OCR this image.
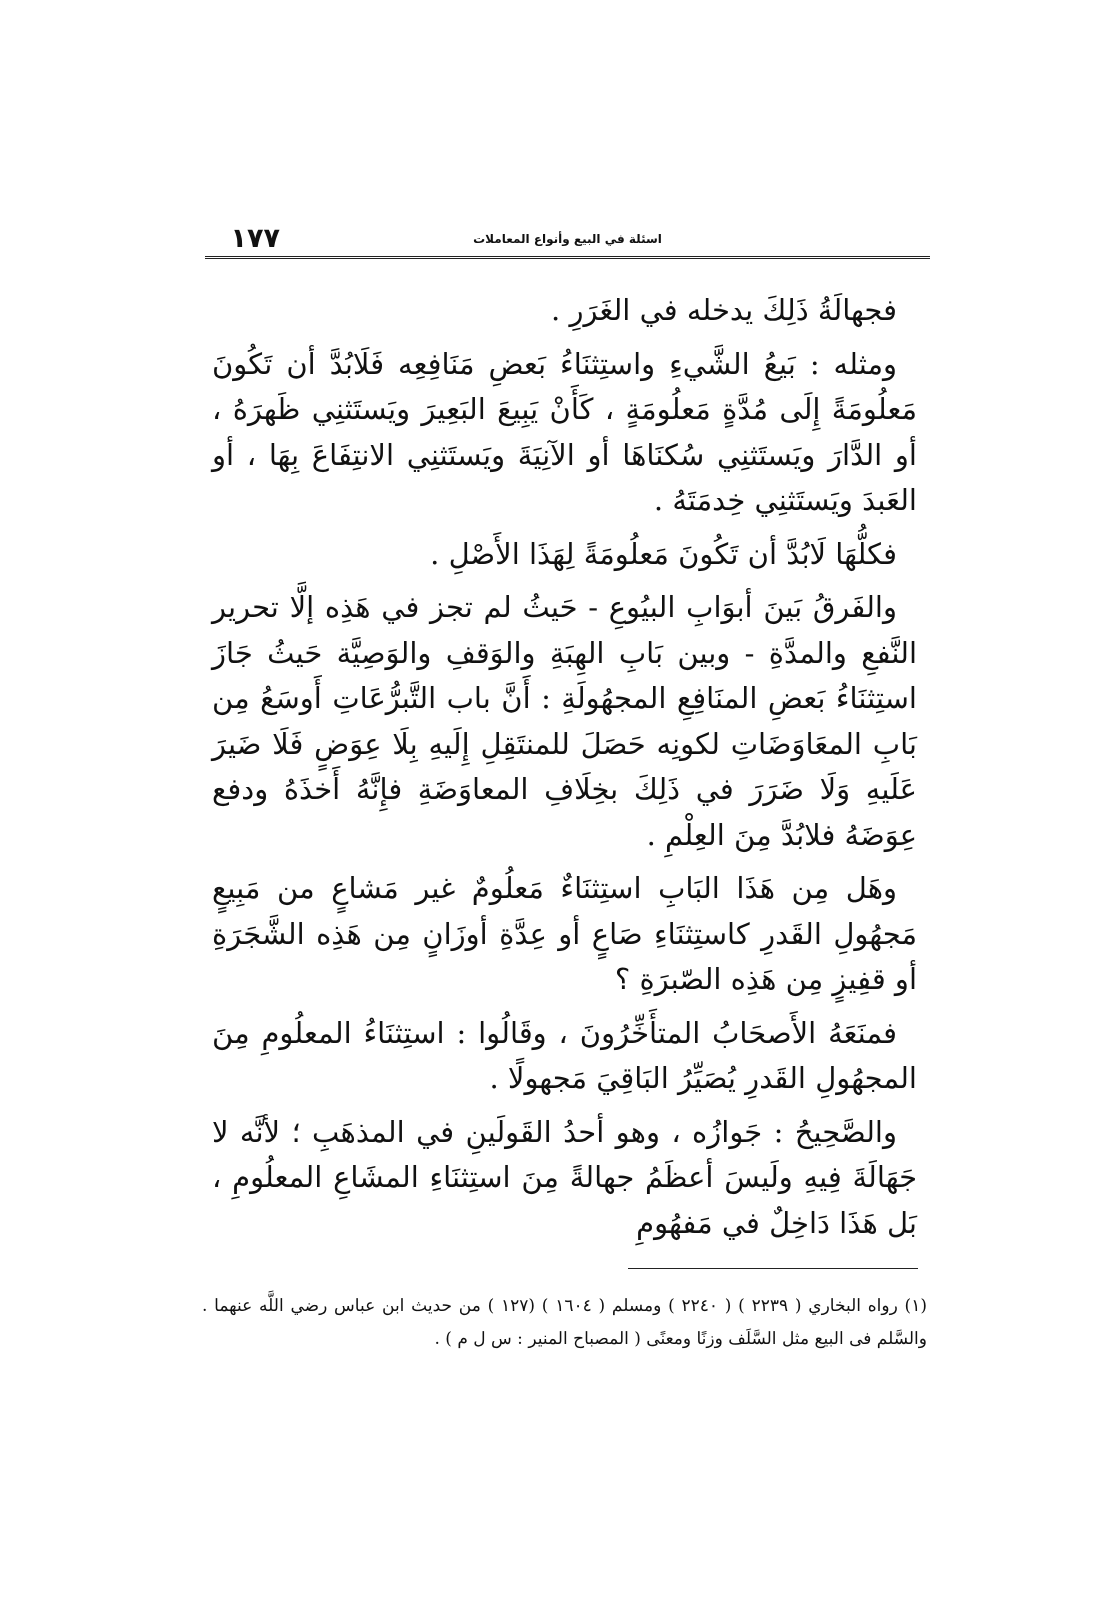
١٧٧	اسئلة في البيع وأنواع المعاملات

فجهالَةُ ذَلِكَ يدخله في الغَرَرِ .

ومثله : بَيعُ الشَّيءِ واستِثنَاءُ بَعضِ مَنَافِعِه فَلَابُدَّ أن تَكُونَ مَعلُومَةً إِلَى مُدَّةٍ مَعلُومَةٍ ، كَأَنْ يَبِيعَ البَعِيرَ ويَستَثنِي ظَهرَهُ ، أو الدَّارَ ويَستَثنِي سُكنَاهَا أو الآنِيَةَ ويَستَثنِي الانتِفَاعَ بِهَا ، أو العَبدَ ويَستَثنِي خِدمَتَهُ .

فكلُّهَا لَابُدَّ أن تَكُونَ مَعلُومَةً لِهَذَا الأَصْلِ .

والفَرقُ بَينَ أبوَابِ البيُوعِ - حَيثُ لم تجز في هَذِه إلَّا تحرير النَّفعِ والمدَّةِ - وبين بَابِ الهِبَةِ والوَقفِ والوَصِيَّة حَيثُ جَازَ استِثنَاءُ بَعضِ المنَافِعِ المجهُولَةِ : أَنَّ باب التَّبرُّعَاتِ أَوسَعُ مِن بَابِ المعَاوَضَاتِ لكونِه حَصَلَ للمنتَقِلِ إِلَيهِ بِلَا عِوَضٍ فَلَا ضَيرَ عَلَيهِ وَلَا ضَرَرَ في ذَلِكَ بخِلَافِ المعاوَضَةِ فإِنَّهُ أَخذَهُ ودفع عِوَضَهُ فلابُدَّ مِنَ العِلْمِ .

وهَل مِن هَذَا البَابِ استِثنَاءٌ مَعلُومٌ غير مَشاعٍ من مَبِيعٍ مَجهُولِ القَدرِ كاستِثنَاءِ صَاعٍ أو عِدَّةِ أوزَانٍ مِن هَذِه الشَّجَرَةِ أو قفِيزٍ مِن هَذِه الصّبرَةِ ؟

فمنَعَهُ الأَصحَابُ المتأَخِّرُونَ ، وقَالُوا : استِثنَاءُ المعلُومِ مِنَ المجهُولِ القَدرِ يُصَيِّرُ البَاقِيَ مَجهولًا .

والصَّحِيحُ : جَوازُه ، وهو أحدُ القَولَينِ في المذهَبِ ؛ لأنَّه لا جَهَالَةَ فِيهِ ولَيسَ أعظَمُ جهالةً مِنَ استِثنَاءِ المشَاعِ المعلُومِ ، بَل هَذَا دَاخِلٌ في مَفهُومِ

(١) رواه البخاري ( ٢٢٣٩ ) ( ٢٢٤٠ ) ومسلم ( ١٦٠٤ ) (١٢٧ ) من حديث ابن عباس رضي اللَّه عنهما . والسَّلم فى البيع مثل السَّلَف وزنًا ومعنًى ( المصباح المنير : س ل م ) .
